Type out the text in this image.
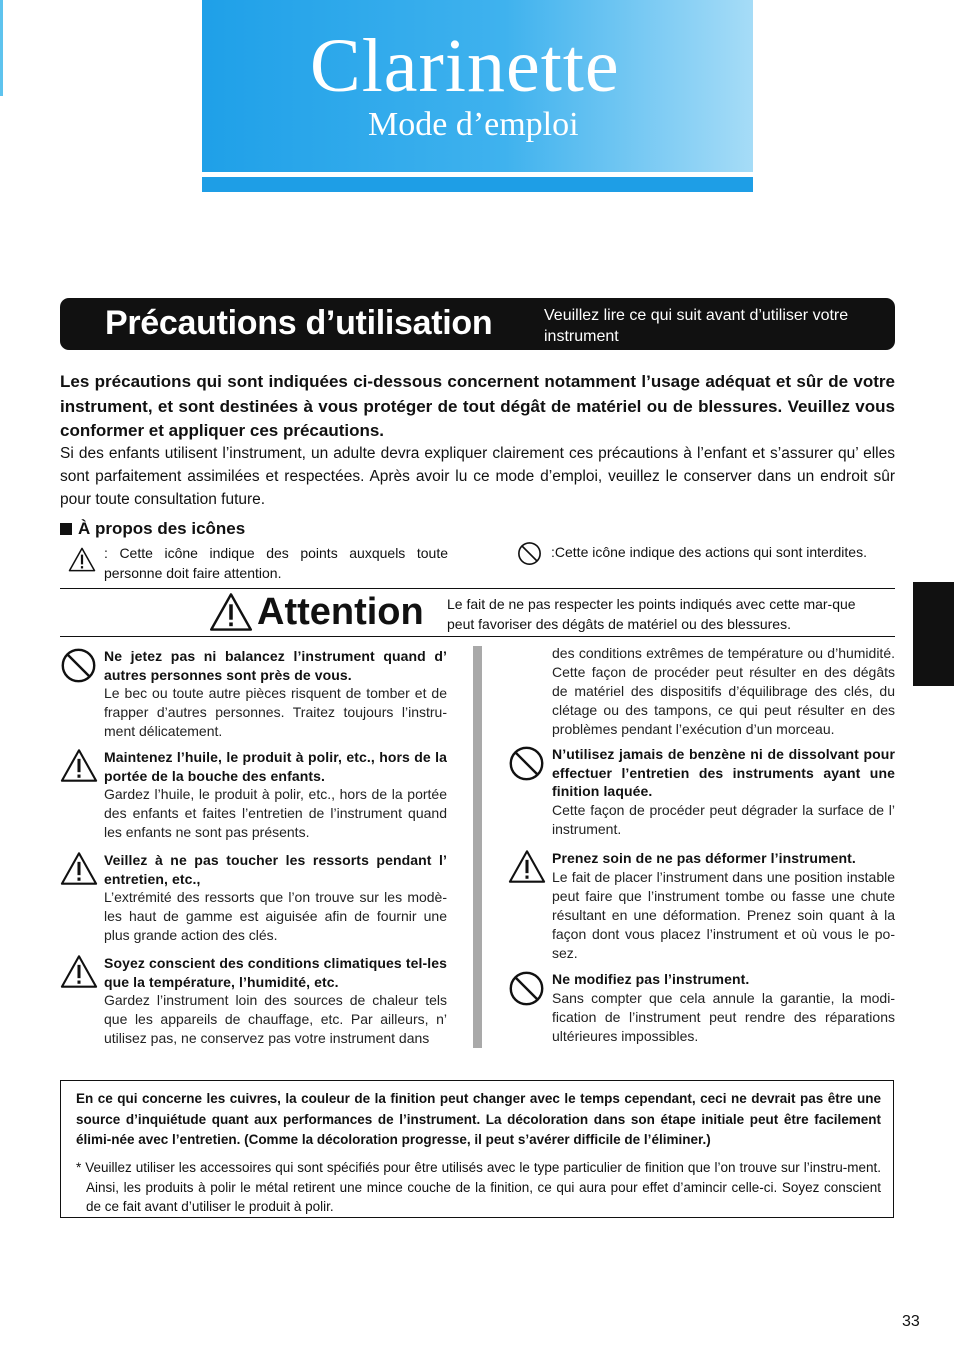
Clarinette
Mode d’emploi
Précautions d’utilisation	Veuillez lire ce qui suit avant d’utiliser votre instrument
Les précautions qui sont indiquées ci-dessous concernent notamment l’usage adéquat et sûr de votre instrument, et sont destinées à vous protéger de tout dégât de matériel ou de blessures. Veuillez vous conformer et appliquer ces précautions.
Si des enfants utilisent l’instrument, un adulte devra expliquer clairement ces précautions à l’enfant et s’assurer qu’ elles sont parfaitement assimilées et respectées. Après avoir lu ce mode d’emploi, veuillez le conserver dans un endroit sûr pour toute consultation future.
À propos des icônes
: Cette icône indique des points auxquels toute personne doit faire attention.
:Cette icône indique des actions qui sont interdites.
Attention Le fait de ne pas respecter les points indiqués avec cette mar-que peut favoriser des dégâts de matériel ou des blessures.
Ne jetez pas ni balancez l’instrument quand d’ autres personnes sont près de vous.
Le bec ou toute autre pièces risquent de tomber et de frapper d’autres personnes. Traitez toujours l’instru-ment délicatement.
Maintenez l’huile, le produit à polir, etc., hors de la portée de la bouche des enfants.
Gardez l’huile, le produit à polir, etc., hors de la portée des enfants et faites l’entretien de l’instrument quand les enfants ne sont pas présents.
Veillez à ne pas toucher les ressorts pendant l’ entretien, etc.,
L’extrémité des ressorts que l’on trouve sur les modè-les haut de gamme est aiguisée afin de fournir une plus grande action des clés.
Soyez conscient des conditions climatiques tel-les que la température, l’humidité, etc.
Gardez l’instrument loin des sources de chaleur tels que les appareils de chauffage, etc. Par ailleurs, n’ utilisez pas, ne conservez pas votre instrument dans
des conditions extrêmes de température ou d’humidité. Cette façon de procéder peut résulter en des dégâts de matériel des dispositifs d’équilibrage des clés, du clétage ou des tampons, ce qui peut résulter en des problèmes pendant l’exécution d’un morceau.
N’utilisez jamais de benzène ni de dissolvant pour effectuer l’entretien des instruments ayant une finition laquée.
Cette façon de procéder peut dégrader la surface de l’ instrument.
Prenez soin de ne pas déformer l’instrument.
Le fait de placer l’instrument dans une position instable peut faire que l’instrument tombe ou fasse une chute résultant en une déformation. Prenez soin quant à la façon dont vous placez l’instrument et où vous le po-sez.
Ne modifiez pas l’instrument.
Sans compter que cela annule la garantie, la modi-fication de l’instrument peut rendre des réparations ultérieures impossibles.
En ce qui concerne les cuivres, la couleur de la finition peut changer avec le temps cependant, ceci ne devrait pas être une source d’inquiétude quant aux performances de l’instrument. La décoloration dans son étape initiale peut être facilement élimi-née avec l’entretien. (Comme la décoloration progresse, il peut s’avérer difficile de l’éliminer.)
* Veuillez utiliser les accessoires qui sont spécifiés pour être utilisés avec le type particulier de finition que l’on trouve sur l’instru-ment. Ainsi, les produits à polir le métal retirent une mince couche de la finition, ce qui aura pour effet d’amincir celle-ci. Soyez conscient de ce fait avant d’utiliser le produit à polir.
33
